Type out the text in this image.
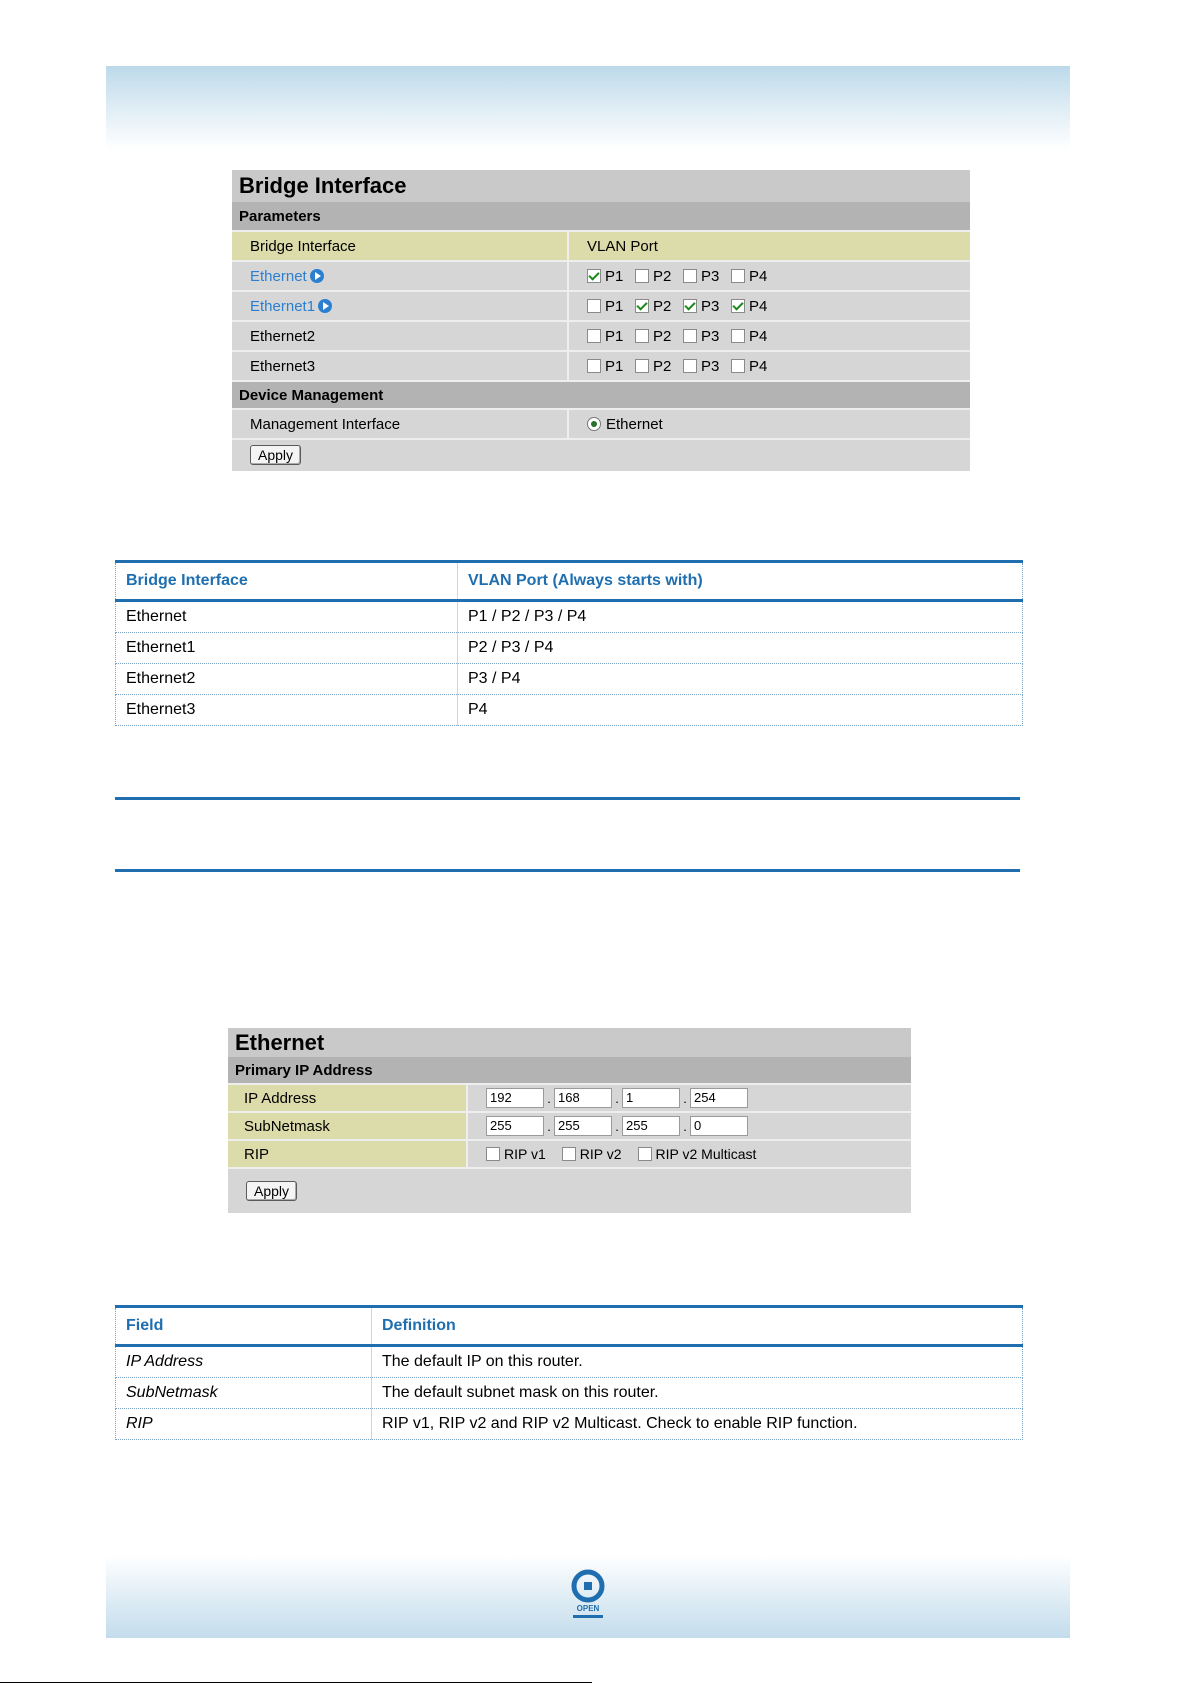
Bridge Interface
Parameters
Bridge Interface	VLAN Port
Ethernet	P1 P2 P3 P4
Ethernet1	P1 P2 P3 P4
Ethernet2	P1 P2 P3 P4
Ethernet3	P1 P2 P3 P4
Device Management
Management Interface	Ethernet
Apply
Bridge Interface	VLAN Port (Always starts with)
Ethernet	P1 / P2 / P3 / P4
Ethernet1	P2 / P3 / P4
Ethernet2	P3 / P4
Ethernet3	P4
Ethernet
Primary IP Address
IP Address	192	. 168	. 1	. 254
SubNetmask	255	. 255	. 255	. 0
RIP	RIP v1 RIP v2 RIP v2 Multicast
Apply
Field	Definition
IP Address	The default IP on this router.
SubNetmask	The default subnet mask on this router.
RIP	RIP v1, RIP v2 and RIP v2 Multicast. Check to enable RIP function.
OPEN
